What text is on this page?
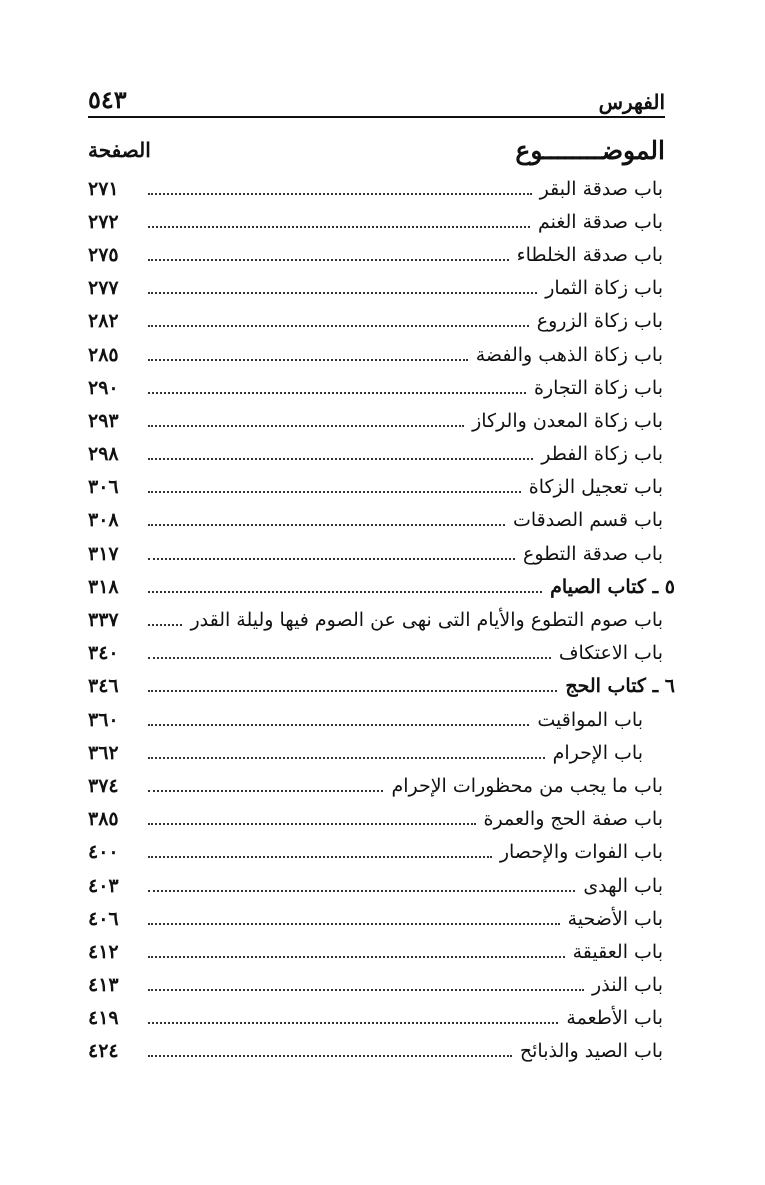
٥٤٣	الفهرس
الصفحة	الموضــــــــوع
٢٧١	باب صدقة البقر
٢٧٢	باب صدقة الغنم
٢٧٥	باب صدقة الخلطاء
٢٧٧	باب زكاة الثمار
٢٨٢	باب زكاة الزروع
٢٨٥	باب زكاة الذهب والفضة
٢٩٠	باب زكاة التجارة
٢٩٣	باب زكاة المعدن والركاز
٢٩٨	باب زكاة الفطر
٣٠٦	باب تعجيل الزكاة
٣٠٨	باب قسم الصدقات
٣١٧	باب صدقة التطوع
٣١٨	٥ ـ كتاب الصيام
٣٣٧	باب صوم التطوع والأيام التى نهى عن الصوم فيها وليلة القدر
٣٤٠	باب الاعتكاف
٣٤٦	٦ ـ كتاب الحج
٣٦٠	باب المواقيت
٣٦٢	باب الإحرام
٣٧٤	باب ما يجب من محظورات الإحرام
٣٨٥	باب صفة الحج والعمرة
٤٠٠	باب الفوات والإحصار
٤٠٣	باب الهدى
٤٠٦	باب الأضحية
٤١٢	باب العقيقة
٤١٣	باب النذر
٤١٩	باب الأطعمة
٤٢٤	باب الصيد والذبائح
